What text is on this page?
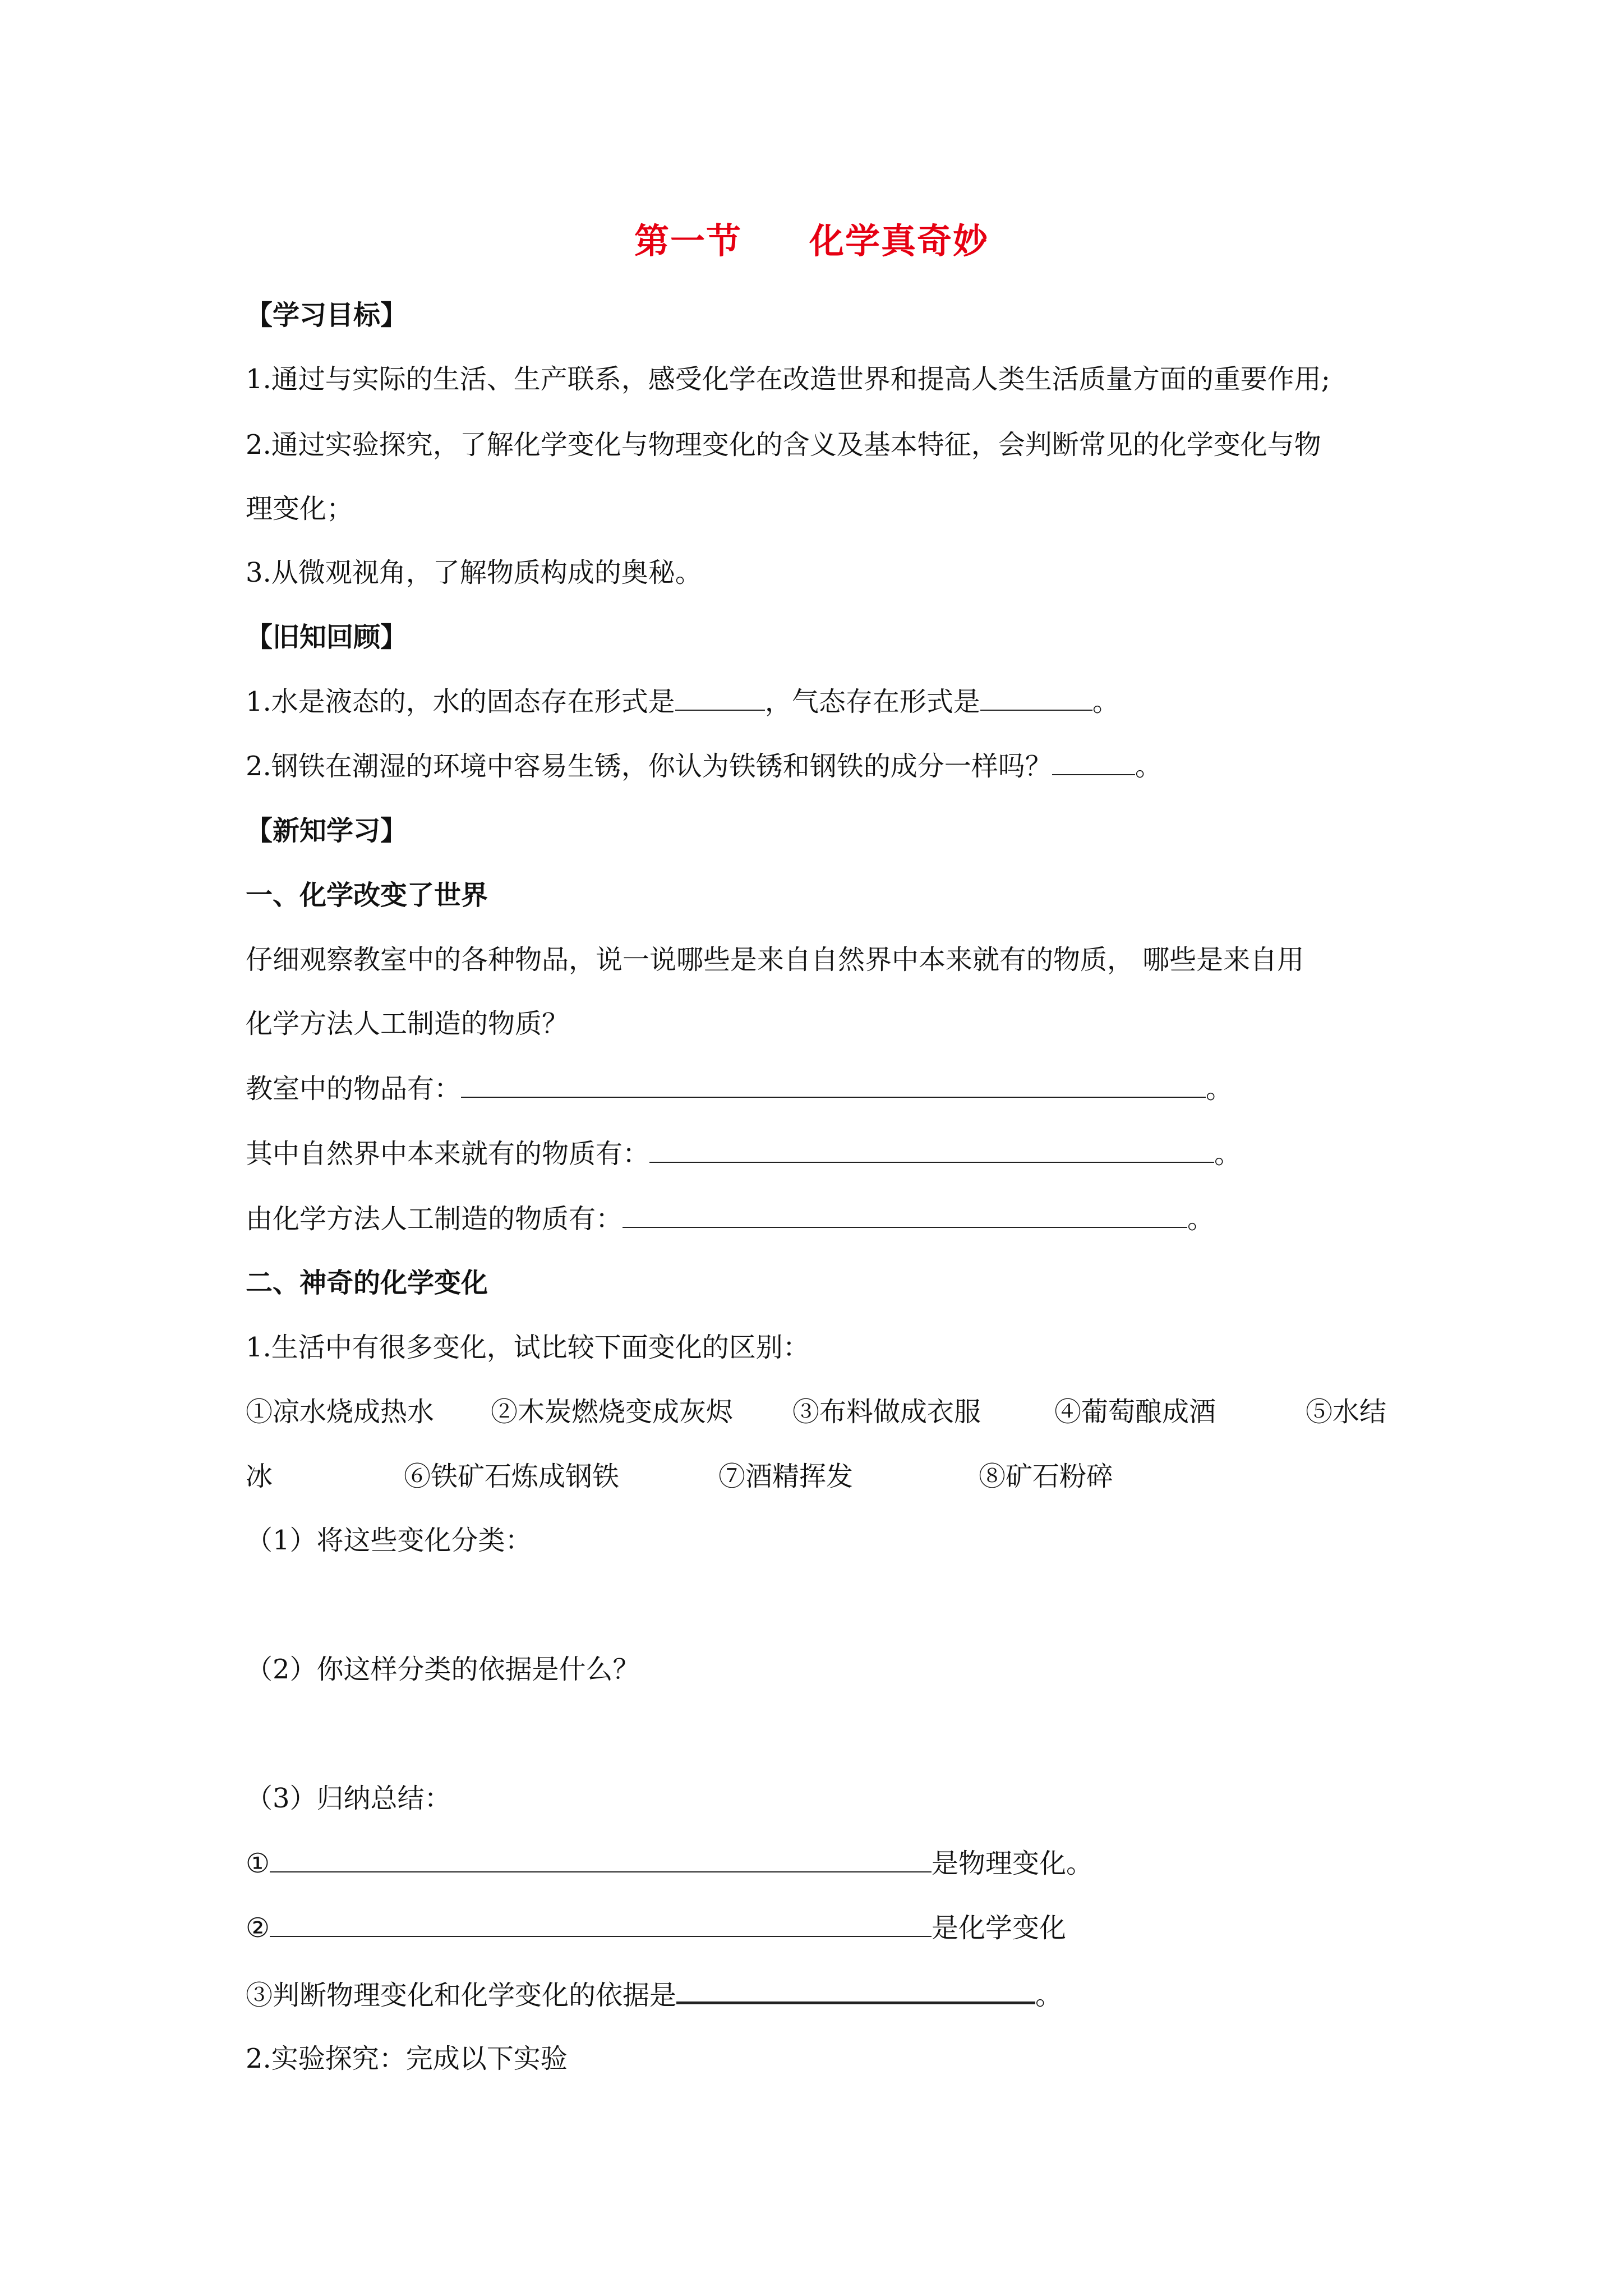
第一节 化学真奇妙
【学习目标】
1.通过与实际的生活、生产联系，感受化学在改造世界和提高人类生活质量方面的重要作用;
2.通过实验探究，了解化学变化与物理变化的含义及基本特征，会判断常见的化学变化与物
理变化；
3.从微观视角，了解物质构成的奥秘。
【旧知回顾】
1.水是液态的，水的固态存在形式是	，气态存在形式是	。
2.钢铁在潮湿的环境中容易生锈，你认为铁锈和钢铁的成分一样吗？	。
【新知学习】
一、化学改变了世界
仔细观察教室中的各种物品，说一说哪些是来自自然界中本来就有的物质， 哪些是来自用
化学方法人工制造的物质？
教室中的物品有：	。
其中自然界中本来就有的物质有：	。
由化学方法人工制造的物质有：	。
二、神奇的化学变化
1.生活中有很多变化，试比较下面变化的区别：
①凉水烧成热水 ②木炭燃烧变成灰烬 ③布料做成衣服	④葡萄酿成酒	⑤水结
冰	⑥铁矿石炼成钢铁	⑦酒精挥发	⑧矿石粉碎
（1）将这些变化分类：
（2）你这样分类的依据是什么？
（3）归纳总结：
①	是物理变化。
②	是化学变化
③判断物理变化和化学变化的依据是	。
2.实验探究：完成以下实验
